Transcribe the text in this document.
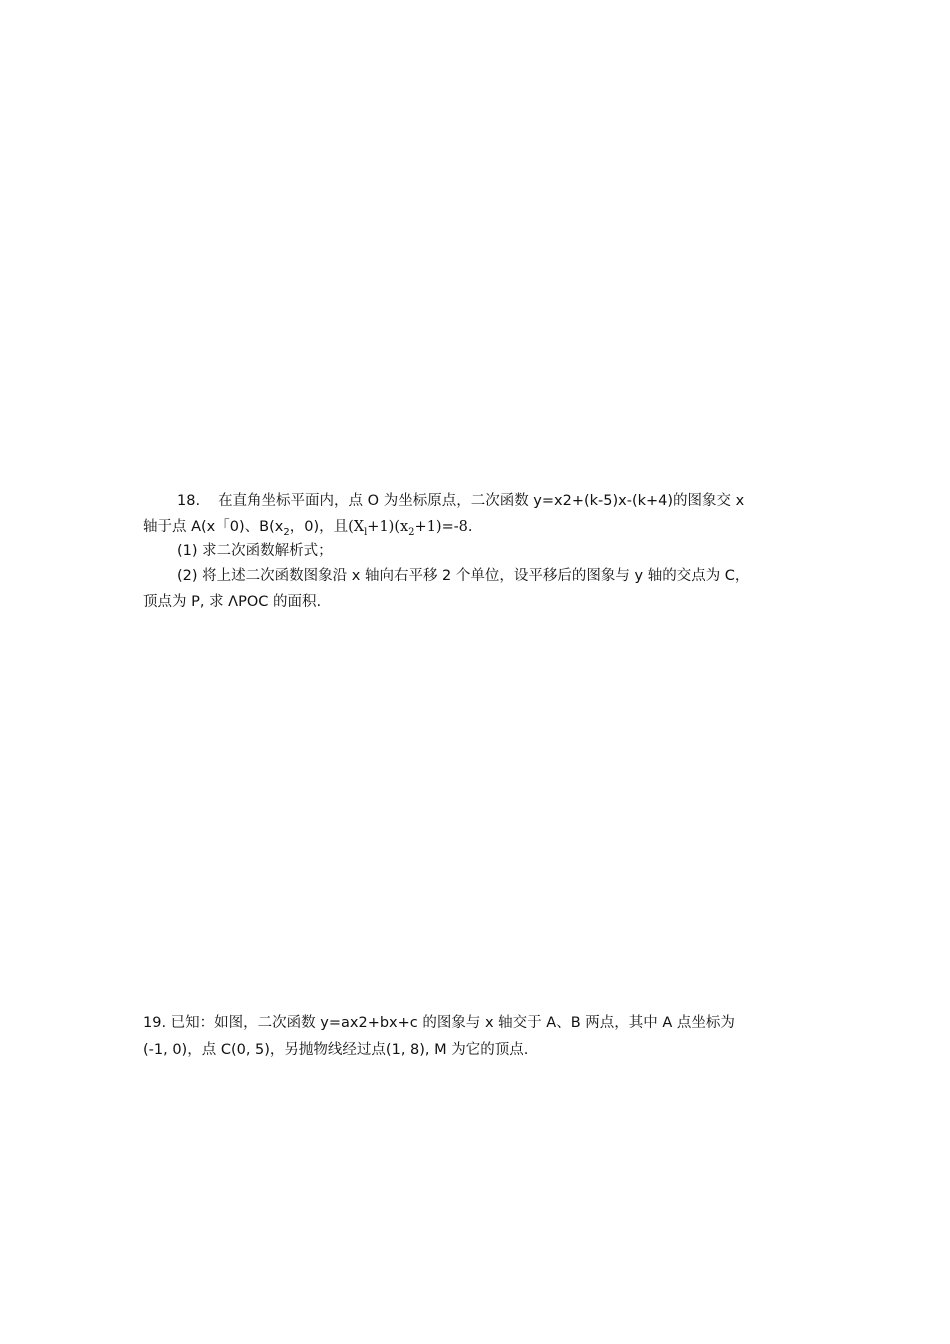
18. 在直角坐标平面内，点 O 为坐标原点，二次函数 y=x2+(k-5)x-(k+4)的图象交 x
轴于点 A(x「0)、$B(x_2$，0)，且$(X_l+1)(x_2+1)=-8$.
(1) 求二次函数解析式；
(2) 将上述二次函数图象沿 x 轴向右平移 2 个单位，设平移后的图象与 y 轴的交点为 C，
顶点为 P, 求 ΛPOC 的面积.
19. 已知：如图，二次函数 y=ax2+bx+c 的图象与 x 轴交于 A、B 两点，其中 A 点坐标为
(-1, 0)，点 C(0, 5)，另抛物线经过点(1, 8), M 为它的顶点.
